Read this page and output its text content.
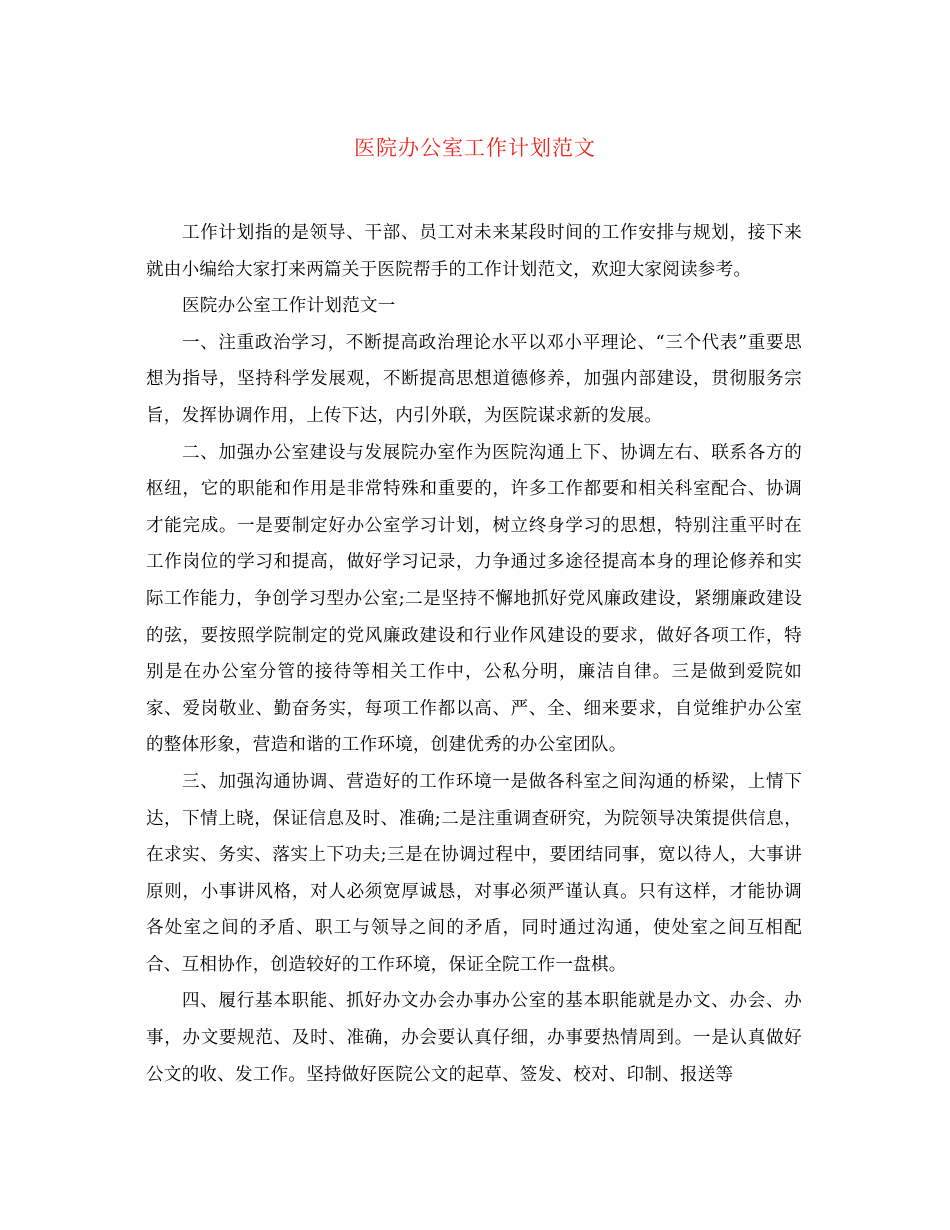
医院办公室工作计划范文

工作计划指的是领导、干部、员工对未来某段时间的工作安排与规划，接下来就由小编给大家打来两篇关于医院帮手的工作计划范文，欢迎大家阅读参考。

医院办公室工作计划范文一

一、注重政治学习，不断提高政治理论水平以邓小平理论、“三个代表”重要思想为指导，坚持科学发展观，不断提高思想道德修养，加强内部建设，贯彻服务宗旨，发挥协调作用，上传下达，内引外联，为医院谋求新的发展。

二、加强办公室建设与发展院办室作为医院沟通上下、协调左右、联系各方的枢纽，它的职能和作用是非常特殊和重要的，许多工作都要和相关科室配合、协调才能完成。一是要制定好办公室学习计划，树立终身学习的思想，特别注重平时在工作岗位的学习和提高，做好学习记录，力争通过多途径提高本身的理论修养和实际工作能力，争创学习型办公室;二是坚持不懈地抓好党风廉政建设，紧绷廉政建设的弦，要按照学院制定的党风廉政建设和行业作风建设的要求，做好各项工作，特别是在办公室分管的接待等相关工作中，公私分明，廉洁自律。三是做到爱院如家、爱岗敬业、勤奋务实，每项工作都以高、严、全、细来要求，自觉维护办公室的整体形象，营造和谐的工作环境，创建优秀的办公室团队。

三、加强沟通协调、营造好的工作环境一是做各科室之间沟通的桥梁，上情下达，下情上晓，保证信息及时、准确;二是注重调查研究，为院领导决策提供信息，在求实、务实、落实上下功夫;三是在协调过程中，要团结同事，宽以待人，大事讲原则，小事讲风格，对人必须宽厚诚恳，对事必须严谨认真。只有这样，才能协调各处室之间的矛盾、职工与领导之间的矛盾，同时通过沟通，使处室之间互相配合、互相协作，创造较好的工作环境，保证全院工作一盘棋。

四、履行基本职能、抓好办文办会办事办公室的基本职能就是办文、办会、办事，办文要规范、及时、准确，办会要认真仔细，办事要热情周到。一是认真做好公文的收、发工作。坚持做好医院公文的起草、签发、校对、印制、报送等
